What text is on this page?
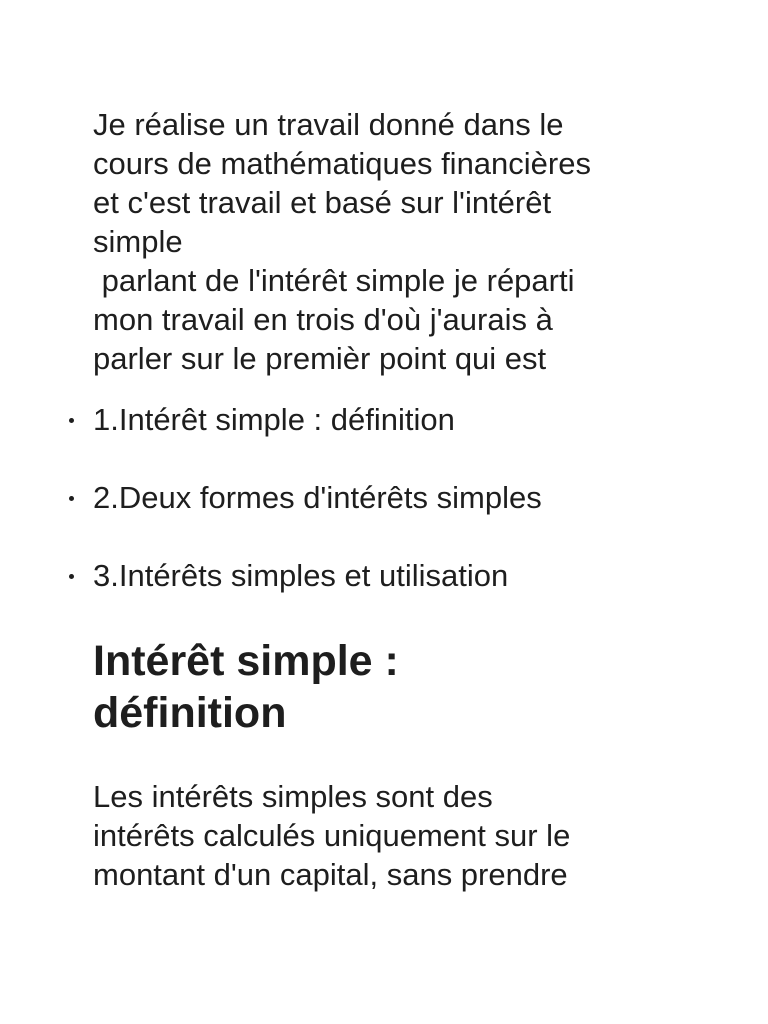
Je réalise un travail donné dans le
cours de mathématiques financières
et c'est travail et basé sur l'intérêt
simple
parlant de l'intérêt simple je réparti
mon travail en trois d'où j'aurais à
parler sur le premièr point qui est

1.Intérêt simple : définition
2.Deux formes d'intérêts simples
3.Intérêts simples et utilisation
Intérêt simple :
définition

Les intérêts simples sont des
intérêts calculés uniquement sur le
montant d'un capital, sans prendre
